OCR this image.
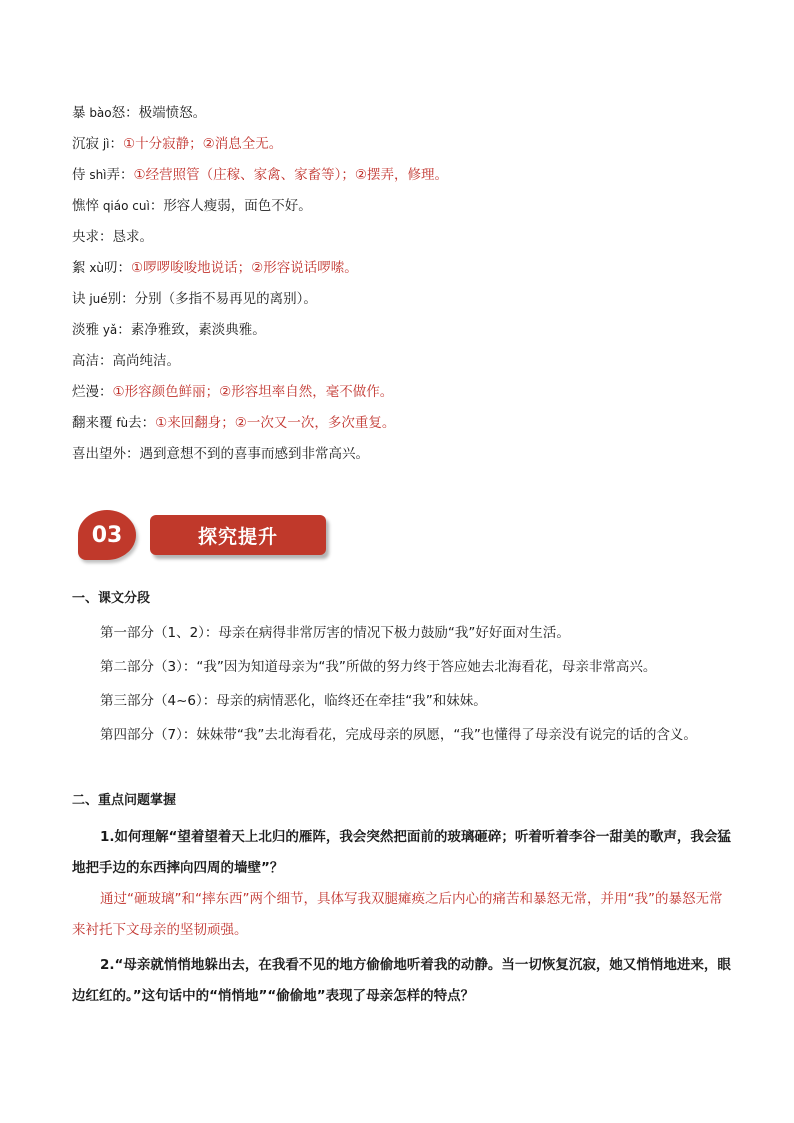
暴 bào怒：极端愤怒。
沉寂 jì：①十分寂静；②消息全无。
侍 shì弄：①经营照管（庄稼、家禽、家畜等）；②摆弄，修理。
憔悴 qiáo cuì：形容人瘦弱，面色不好。
央求：恳求。
絮 xù叨：①啰啰唆唆地说话；②形容说话啰嗦。
诀 jué别：分别（多指不易再见的离别）。
淡雅 yǎ：素净雅致，素淡典雅。
高洁：高尚纯洁。
烂漫：①形容颜色鲜丽；②形容坦率自然，毫不做作。
翻来覆 fù去：①来回翻身；②一次又一次，多次重复。
喜出望外：遇到意想不到的喜事而感到非常高兴。
03	探究提升
一、课文分段
第一部分（1、2）：母亲在病得非常厉害的情况下极力鼓励“我”好好面对生活。
第二部分（3）：“我”因为知道母亲为“我”所做的努力终于答应她去北海看花，母亲非常高兴。
第三部分（4~6）：母亲的病情恶化，临终还在牵挂“我”和妹妹。
第四部分（7）：妹妹带“我”去北海看花，完成母亲的夙愿，“我”也懂得了母亲没有说完的话的含义。
二、重点问题掌握
1.如何理解“望着望着天上北归的雁阵，我会突然把面前的玻璃砸碎；听着听着李谷一甜美的歌声，我会猛地把手边的东西摔向四周的墙壁”？
通过“砸玻璃”和“摔东西”两个细节，具体写我双腿瘫痪之后内心的痛苦和暴怒无常，并用“我”的暴怒无常来衬托下文母亲的坚韧顽强。
2.“母亲就悄悄地躲出去，在我看不见的地方偷偷地听着我的动静。当一切恢复沉寂，她又悄悄地进来，眼边红红的。”这句话中的“悄悄地”“偷偷地”表现了母亲怎样的特点？
